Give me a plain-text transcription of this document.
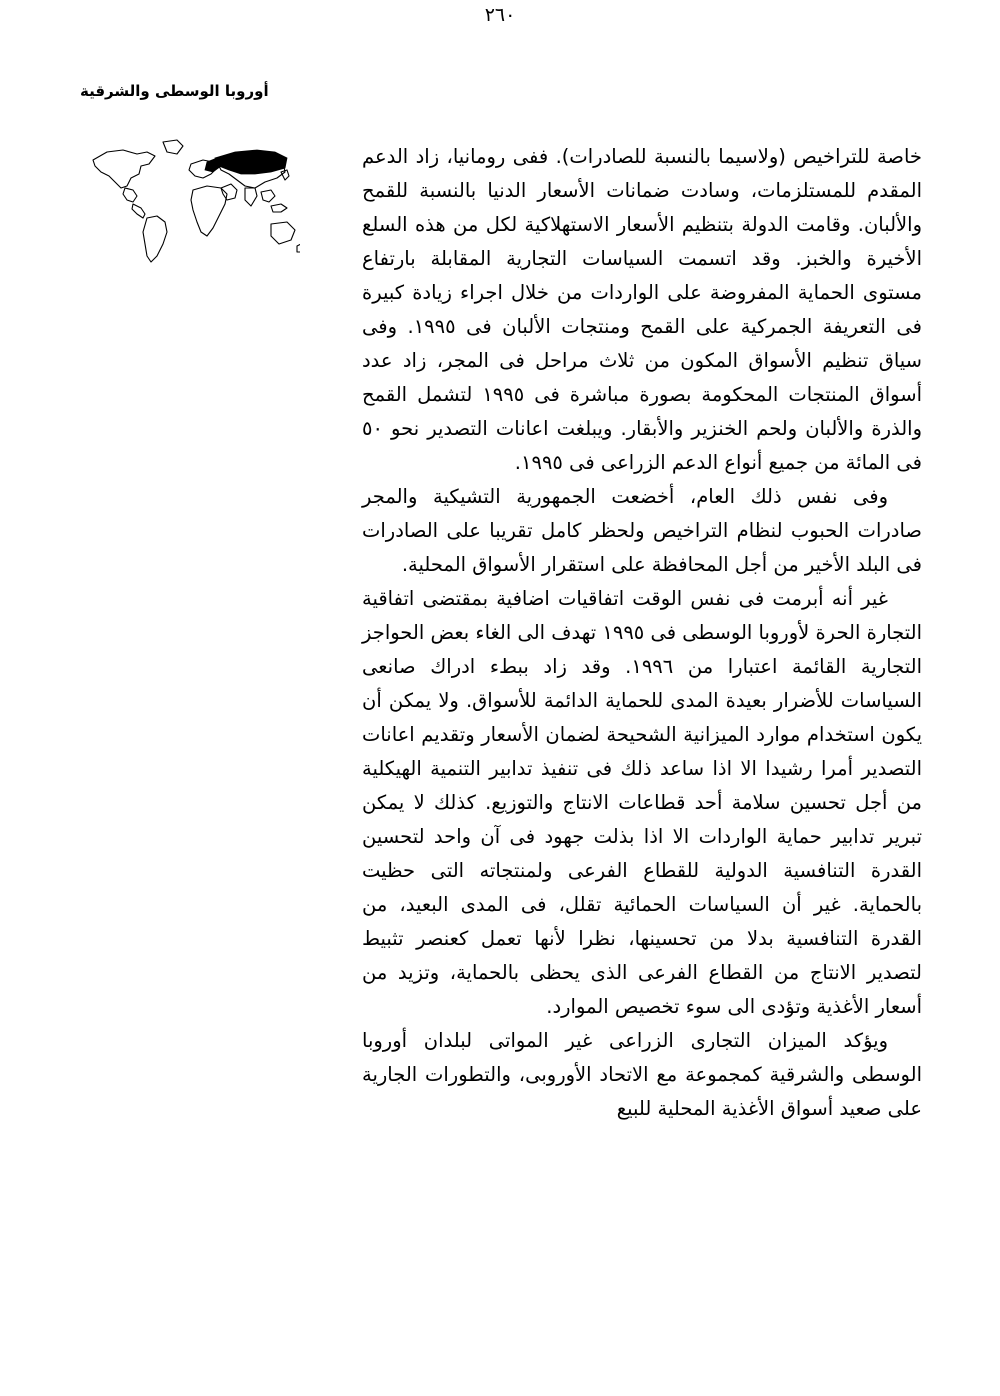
٢٦٠
أوروبا الوسطى والشرقية

خاصة للتراخيص (ولاسيما بالنسبة للصادرات). ففى رومانيا، زاد الدعم المقدم للمستلزمات، وسادت ضمانات الأسعار الدنيا بالنسبة للقمح والألبان. وقامت الدولة بتنظيم الأسعار الاستهلاكية لكل من هذه السلع الأخيرة والخبز. وقد اتسمت السياسات التجارية المقابلة بارتفاع مستوى الحماية المفروضة على الواردات من خلال اجراء زيادة كبيرة فى التعريفة الجمركية على القمح ومنتجات الألبان فى ١٩٩٥. وفى سياق تنظيم الأسواق المكون من ثلاث مراحل فى المجر، زاد عدد أسواق المنتجات المحكومة بصورة مباشرة فى ١٩٩٥ لتشمل القمح والذرة والألبان ولحم الخنزير والأبقار. ويبلغت اعانات التصدير نحو ٥٠ فى المائة من جميع أنواع الدعم الزراعى فى ١٩٩٥.

وفى نفس ذلك العام، أخضعت الجمهورية التشيكية والمجر صادرات الحبوب لنظام التراخيص ولحظر كامل تقريبا على الصادرات فى البلد الأخير من أجل المحافظة على استقرار الأسواق المحلية.

غير أنه أبرمت فى نفس الوقت اتفاقيات اضافية بمقتضى اتفاقية التجارة الحرة لأوروبا الوسطى فى ١٩٩٥ تهدف الى الغاء بعض الحواجز التجارية القائمة اعتبارا من ١٩٩٦. وقد زاد ببطء ادراك صانعى السياسات للأضرار بعيدة المدى للحماية الدائمة للأسواق. ولا يمكن أن يكون استخدام موارد الميزانية الشحيحة لضمان الأسعار وتقديم اعانات التصدير أمرا رشيدا الا اذا ساعد ذلك فى تنفيذ تدابير التنمية الهيكلية من أجل تحسين سلامة أحد قطاعات الانتاج والتوزيع. كذلك لا يمكن تبرير تدابير حماية الواردات الا اذا بذلت جهود فى آن واحد لتحسين القدرة التنافسية الدولية للقطاع الفرعى ولمنتجاته التى حظيت بالحماية. غير أن السياسات الحمائية تقلل، فى المدى البعيد، من القدرة التنافسية بدلا من تحسينها، نظرا لأنها تعمل كعنصر تثبيط لتصدير الانتاج من القطاع الفرعى الذى يحظى بالحماية، وتزيد من أسعار الأغذية وتؤدى الى سوء تخصيص الموارد.

ويؤكد الميزان التجارى الزراعى غير المواتى لبلدان أوروبا الوسطى والشرقية كمجموعة مع الاتحاد الأوروبى، والتطورات الجارية على صعيد أسواق الأغذية المحلية للبيع
